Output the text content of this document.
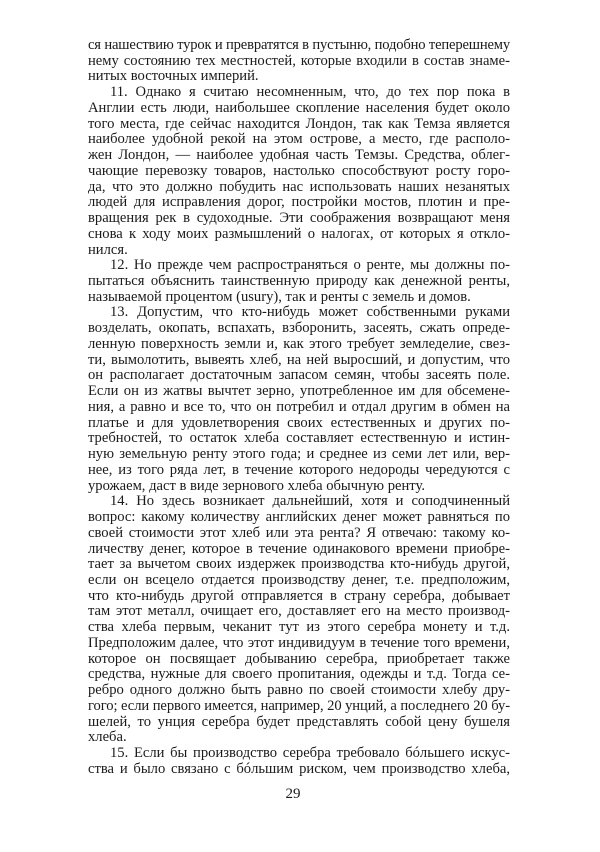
ся нашествию турок и превратятся в пустыню, подобно теперешнему
нему состоянию тех местностей, которые входили в состав знаме-
нитых восточных империй.
11. Однако я считаю несомненным, что, до тех пор пока в
Англии есть люди, наибольшее скопление населения будет около
того места, где сейчас находится Лондон, так как Темза является
наиболее удобной рекой на этом острове, а место, где располо-
жен Лондон, — наиболее удобная часть Темзы. Средства, облег-
чающие перевозку товаров, настолько способствуют росту горо-
да, что это должно побудить нас использовать наших незанятых
людей для исправления дорог, постройки мостов, плотин и пре-
вращения рек в судоходные. Эти соображения возвращают меня
снова к ходу моих размышлений о налогах, от которых я откло-
нился.
12. Но прежде чем распространяться о ренте, мы должны по-
пытаться объяснить таинственную природу как денежной ренты,
называемой процентом (usury), так и ренты с земель и домов.
13. Допустим, что кто-нибудь может собственными руками
возделать, окопать, вспахать, взборонить, засеять, сжать опреде-
ленную поверхность земли и, как этого требует земледелие, свез-
ти, вымолотить, вывеять хлеб, на ней выросший, и допустим, что
он располагает достаточным запасом семян, чтобы засеять поле.
Если он из жатвы вычтет зерно, употребленное им для обсемене-
ния, а равно и все то, что он потребил и отдал другим в обмен на
платье и для удовлетворения своих естественных и других по-
требностей, то остаток хлеба составляет естественную и истин-
ную земельную ренту этого года; и среднее из семи лет или, вер-
нее, из того ряда лет, в течение которого недороды чередуются с
урожаем, даст в виде зернового хлеба обычную ренту.
14. Но здесь возникает дальнейший, хотя и соподчиненный
вопрос: какому количеству английских денег может равняться по
своей стоимости этот хлеб или эта рента? Я отвечаю: такому ко-
личеству денег, которое в течение одинакового времени приобре-
тает за вычетом своих издержек производства кто-нибудь другой,
если он всецело отдается производству денег, т.е. предположим,
что кто-нибудь другой отправляется в страну серебра, добывает
там этот металл, очищает его, доставляет его на место производ-
ства хлеба первым, чеканит тут из этого серебра монету и т.д.
Предположим далее, что этот индивидуум в течение того времени,
которое он посвящает добыванию серебра, приобретает также
средства, нужные для своего пропитания, одежды и т.д. Тогда се-
ребро одного должно быть равно по своей стоимости хлебу дру-
гого; если первого имеется, например, 20 унций, а последнего 20 бу-
шелей, то унция серебра будет представлять собой цену бушеля
хлеба.
15. Если бы производство серебра требовало бóльшего искус-
ства и было связано с бóльшим риском, чем производство хлеба,
29
